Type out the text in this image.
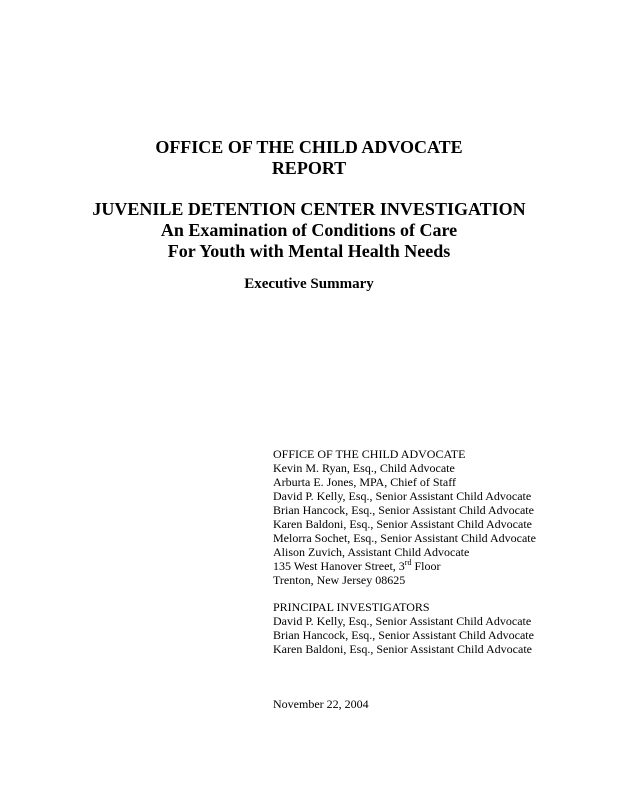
OFFICE OF THE CHILD ADVOCATE
REPORT
JUVENILE DETENTION CENTER INVESTIGATION
An Examination of Conditions of Care
For Youth with Mental Health Needs
Executive Summary
OFFICE OF THE CHILD ADVOCATE
Kevin M. Ryan, Esq., Child Advocate
Arburta E. Jones, MPA, Chief of Staff
David P. Kelly, Esq., Senior Assistant Child Advocate
Brian Hancock, Esq., Senior Assistant Child Advocate
Karen Baldoni, Esq., Senior Assistant Child Advocate
Melorra Sochet, Esq., Senior Assistant Child Advocate
Alison Zuvich, Assistant Child Advocate
135 West Hanover Street, 3rd Floor
Trenton, New Jersey 08625
PRINCIPAL INVESTIGATORS
David P. Kelly, Esq., Senior Assistant Child Advocate
Brian Hancock, Esq., Senior Assistant Child Advocate
Karen Baldoni, Esq., Senior Assistant Child Advocate
November 22, 2004
